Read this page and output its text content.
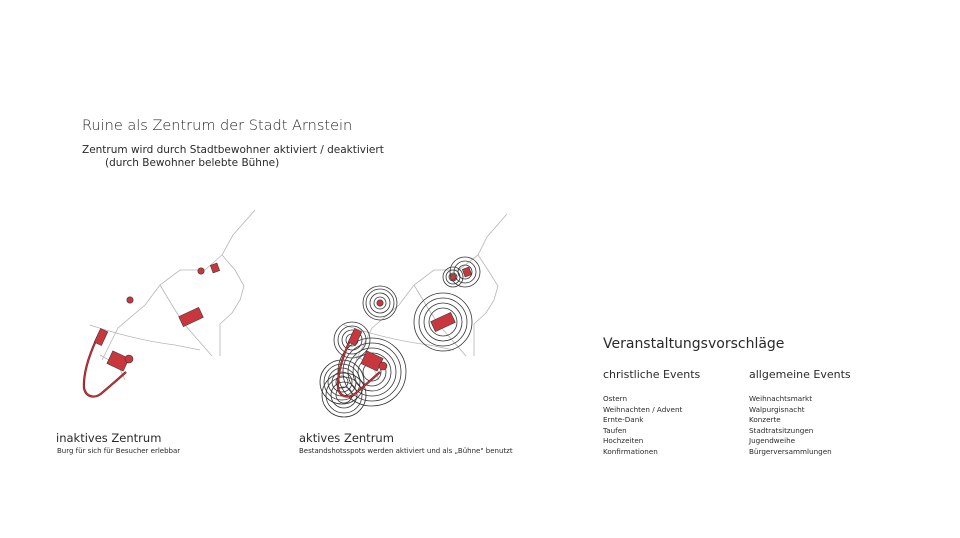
Ruine als Zentrum der Stadt Arnstein
Zentrum wird durch Stadtbewohner aktiviert / deaktiviert
(durch Bewohner belebte Bühne)
inaktives Zentrum
Burg für sich für Besucher erlebbar
aktives Zentrum
Bestandshotsspots werden aktiviert und als „Bühne" benutzt
Veranstaltungsvorschläge
christliche Events	allgemeine Events
Ostern
Weihnachten / Advent
Ernte-Dank
Taufen
Hochzeiten
Konfirmationen
Weihnachtsmarkt
Walpurgisnacht
Konzerte
Stadtratsitzungen
Jugendweihe
Bürgerversammlungen
